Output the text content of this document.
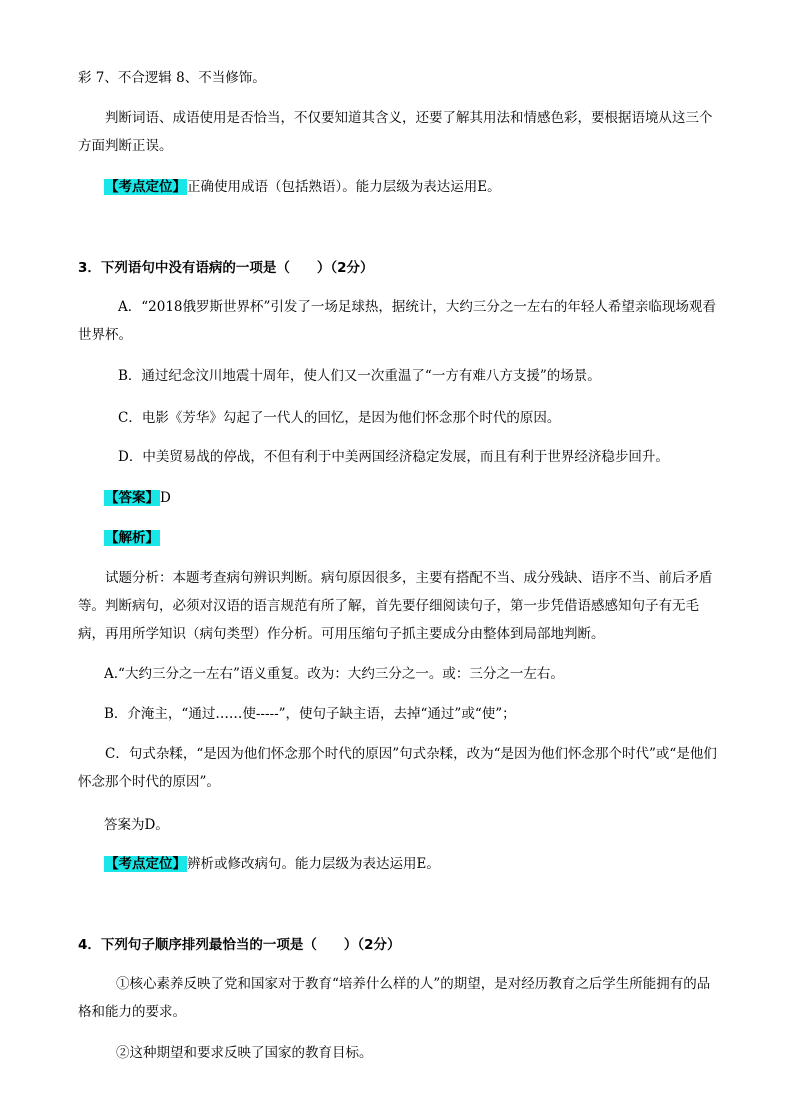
彩 7、不合逻辑 8、不当修饰。
判断词语、成语使用是否恰当，不仅要知道其含义，还要了解其用法和情感色彩，要根据语境从这三个方面判断正误。
【考点定位】正确使用成语（包括熟语）。能力层级为表达运用E。
3．下列语句中没有语病的一项是（　　）（2分）
A．“2018俄罗斯世界杯”引发了一场足球热，据统计，大约三分之一左右的年轻人希望亲临现场观看世界杯。
B．通过纪念汶川地震十周年，使人们又一次重温了“一方有难八方支援”的场景。
C．电影《芳华》勾起了一代人的回忆，是因为他们怀念那个时代的原因。
D．中美贸易战的停战，不但有利于中美两国经济稳定发展，而且有利于世界经济稳步回升。
【答案】D
【解析】
试题分析：本题考查病句辨识判断。病句原因很多，主要有搭配不当、成分残缺、语序不当、前后矛盾等。判断病句，必须对汉语的语言规范有所了解，首先要仔细阅读句子，第一步凭借语感感知句子有无毛病，再用所学知识（病句类型）作分析。可用压缩句子抓主要成分由整体到局部地判断。
A.“大约三分之一左右”语义重复。改为：大约三分之一。或：三分之一左右。
B．介淹主，“通过……使-----”，使句子缺主语，去掉“通过”或“使”；
C．句式杂糅，“是因为他们怀念那个时代的原因”句式杂糅，改为“是因为他们怀念那个时代”或“是他们怀念那个时代的原因”。
答案为D。
【考点定位】辨析或修改病句。能力层级为表达运用E。
4．下列句子顺序排列最恰当的一项是（　　）（2分）
①核心素养反映了党和国家对于教育“培养什么样的人”的期望，是对经历教育之后学生所能拥有的品格和能力的要求。
②这种期望和要求反映了国家的教育目标。
